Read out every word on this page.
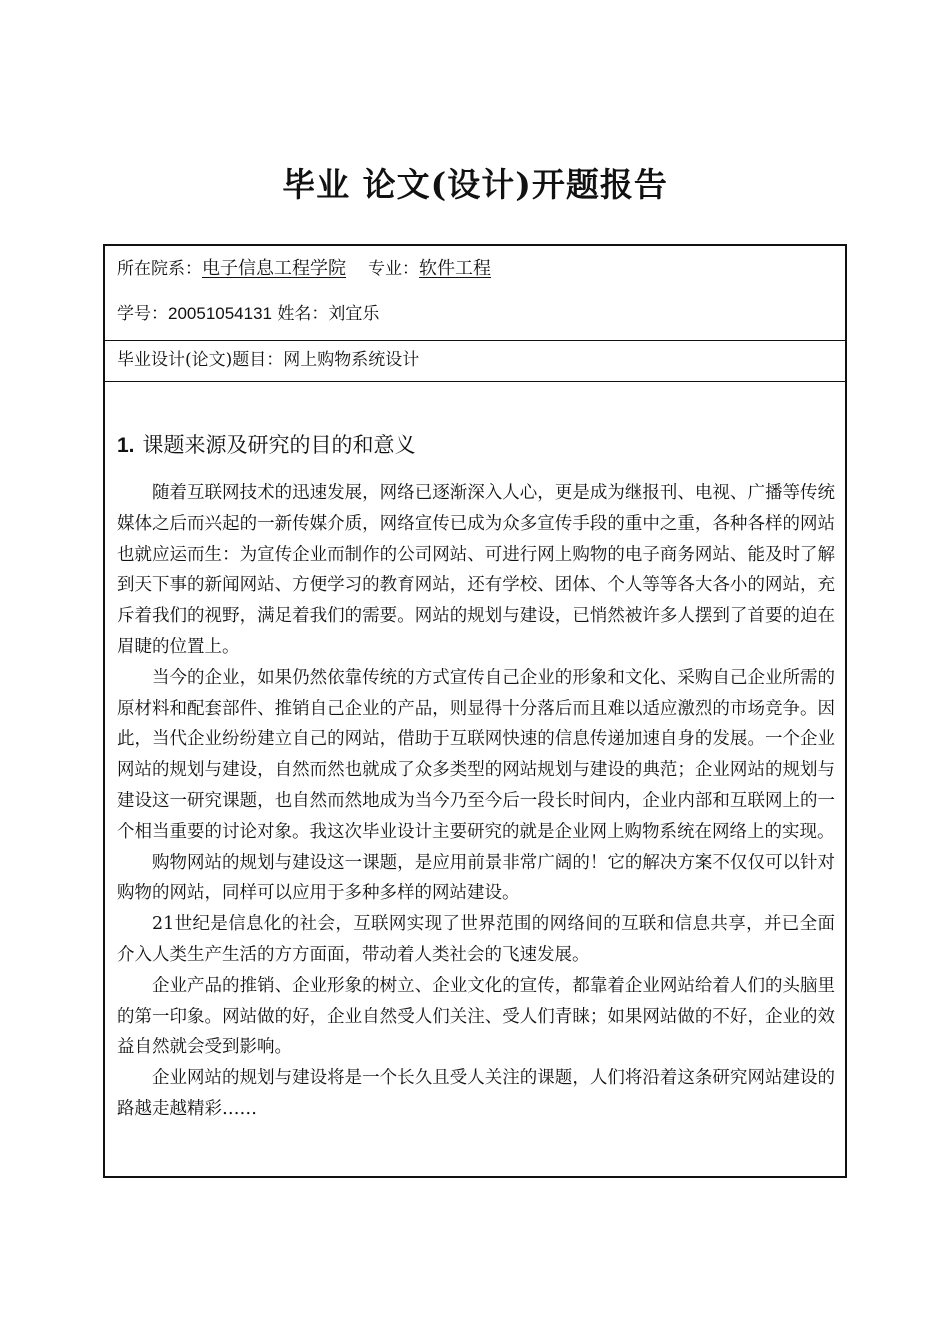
毕业 论文(设计)开题报告
所在院系：电子信息工程学院 专业：软件工程
学号：20051054131 姓名：刘宜乐
毕业设计(论文)题目：网上购物系统设计
1. 课题来源及研究的目的和意义

随着互联网技术的迅速发展，网络已逐渐深入人心，更是成为继报刊、电视、广播等传统媒体之后而兴起的一新传媒介质，网络宣传已成为众多宣传手段的重中之重，各种各样的网站也就应运而生：为宣传企业而制作的公司网站、可进行网上购物的电子商务网站、能及时了解到天下事的新闻网站、方便学习的教育网站，还有学校、团体、个人等等各大各小的网站，充斥着我们的视野，满足着我们的需要。网站的规划与建设，已悄然被许多人摆到了首要的迫在眉睫的位置上。

当今的企业，如果仍然依靠传统的方式宣传自己企业的形象和文化、采购自己企业所需的原材料和配套部件、推销自己企业的产品，则显得十分落后而且难以适应激烈的市场竞争。因此，当代企业纷纷建立自己的网站，借助于互联网快速的信息传递加速自身的发展。一个企业网站的规划与建设，自然而然也就成了众多类型的网站规划与建设的典范；企业网站的规划与建设这一研究课题，也自然而然地成为当今乃至今后一段长时间内，企业内部和互联网上的一个相当重要的讨论对象。我这次毕业设计主要研究的就是企业网上购物系统在网络上的实现。

购物网站的规划与建设这一课题，是应用前景非常广阔的！它的解决方案不仅仅可以针对购物的网站，同样可以应用于多种多样的网站建设。

21世纪是信息化的社会，互联网实现了世界范围的网络间的互联和信息共享，并已全面介入人类生产生活的方方面面，带动着人类社会的飞速发展。

企业产品的推销、企业形象的树立、企业文化的宣传，都靠着企业网站给着人们的头脑里的第一印象。网站做的好，企业自然受人们关注、受人们青睐；如果网站做的不好，企业的效益自然就会受到影响。

企业网站的规划与建设将是一个长久且受人关注的课题，人们将沿着这条研究网站建设的路越走越精彩……
